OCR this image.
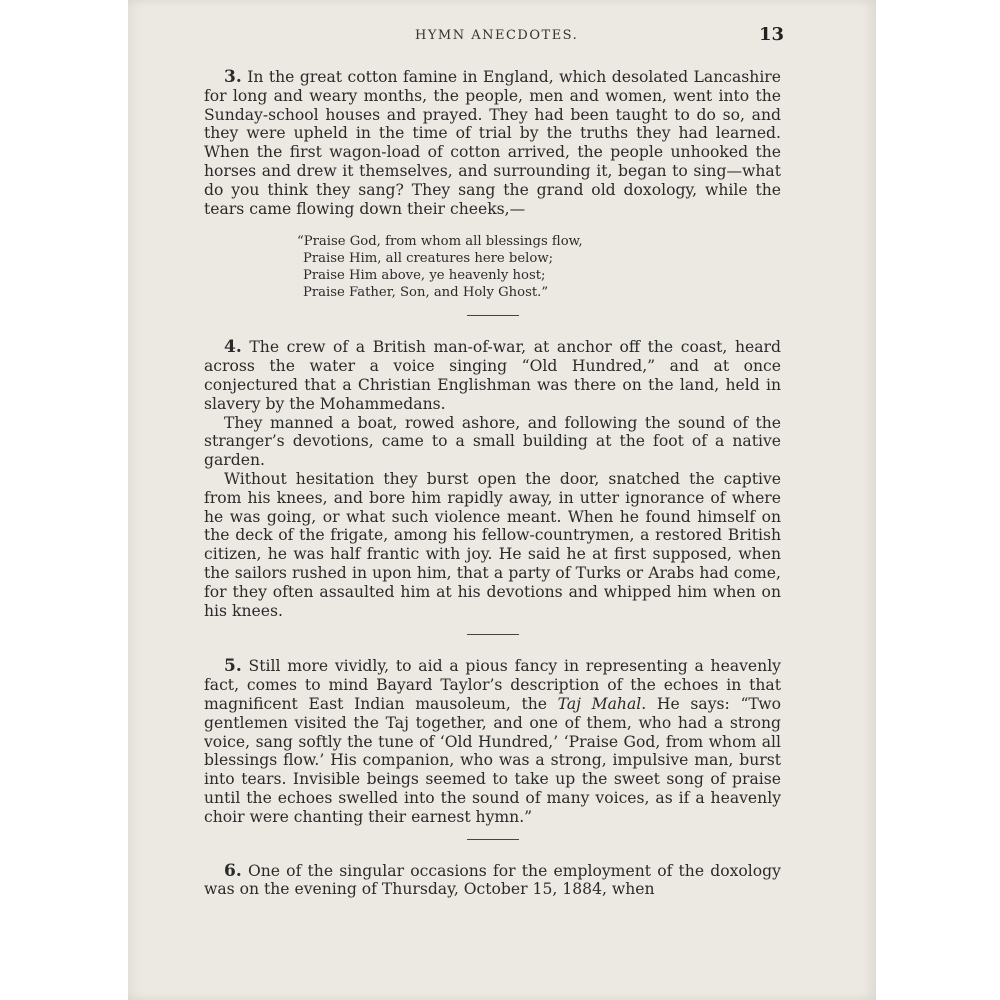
HYMN ANECDOTES.	13

3. In the great cotton famine in England, which desolated Lancashire for long and weary months, the people, men and women, went into the Sunday-school houses and prayed. They had been taught to do so, and they were upheld in the time of trial by the truths they had learned. When the first wagon-load of cotton arrived, the people unhooked the horses and drew it themselves, and surrounding it, began to sing—what do you think they sang? They sang the grand old doxology, while the tears came flowing down their cheeks,—

“Praise God, from whom all blessings flow,
Praise Him, all creatures here below;
Praise Him above, ye heavenly host;
Praise Father, Son, and Holy Ghost.”

4. The crew of a British man-of-war, at anchor off the coast, heard across the water a voice singing “Old Hundred,” and at once conjectured that a Christian Englishman was there on the land, held in slavery by the Mohammedans.

They manned a boat, rowed ashore, and following the sound of the stranger’s devotions, came to a small building at the foot of a native garden.

Without hesitation they burst open the door, snatched the captive from his knees, and bore him rapidly away, in utter ignorance of where he was going, or what such violence meant. When he found himself on the deck of the frigate, among his fellow-countrymen, a restored British citizen, he was half frantic with joy. He said he at first supposed, when the sailors rushed in upon him, that a party of Turks or Arabs had come, for they often assaulted him at his devotions and whipped him when on his knees.

5. Still more vividly, to aid a pious fancy in representing a heavenly fact, comes to mind Bayard Taylor’s description of the echoes in that magnificent East Indian mausoleum, the Taj Mahal. He says: “Two gentlemen visited the Taj together, and one of them, who had a strong voice, sang softly the tune of ‘Old Hundred,’ ‘Praise God, from whom all blessings flow.’ His companion, who was a strong, impulsive man, burst into tears. Invisible beings seemed to take up the sweet song of praise until the echoes swelled into the sound of many voices, as if a heavenly choir were chanting their earnest hymn.”

6. One of the singular occasions for the employment of the doxology was on the evening of Thursday, October 15, 1884, when
